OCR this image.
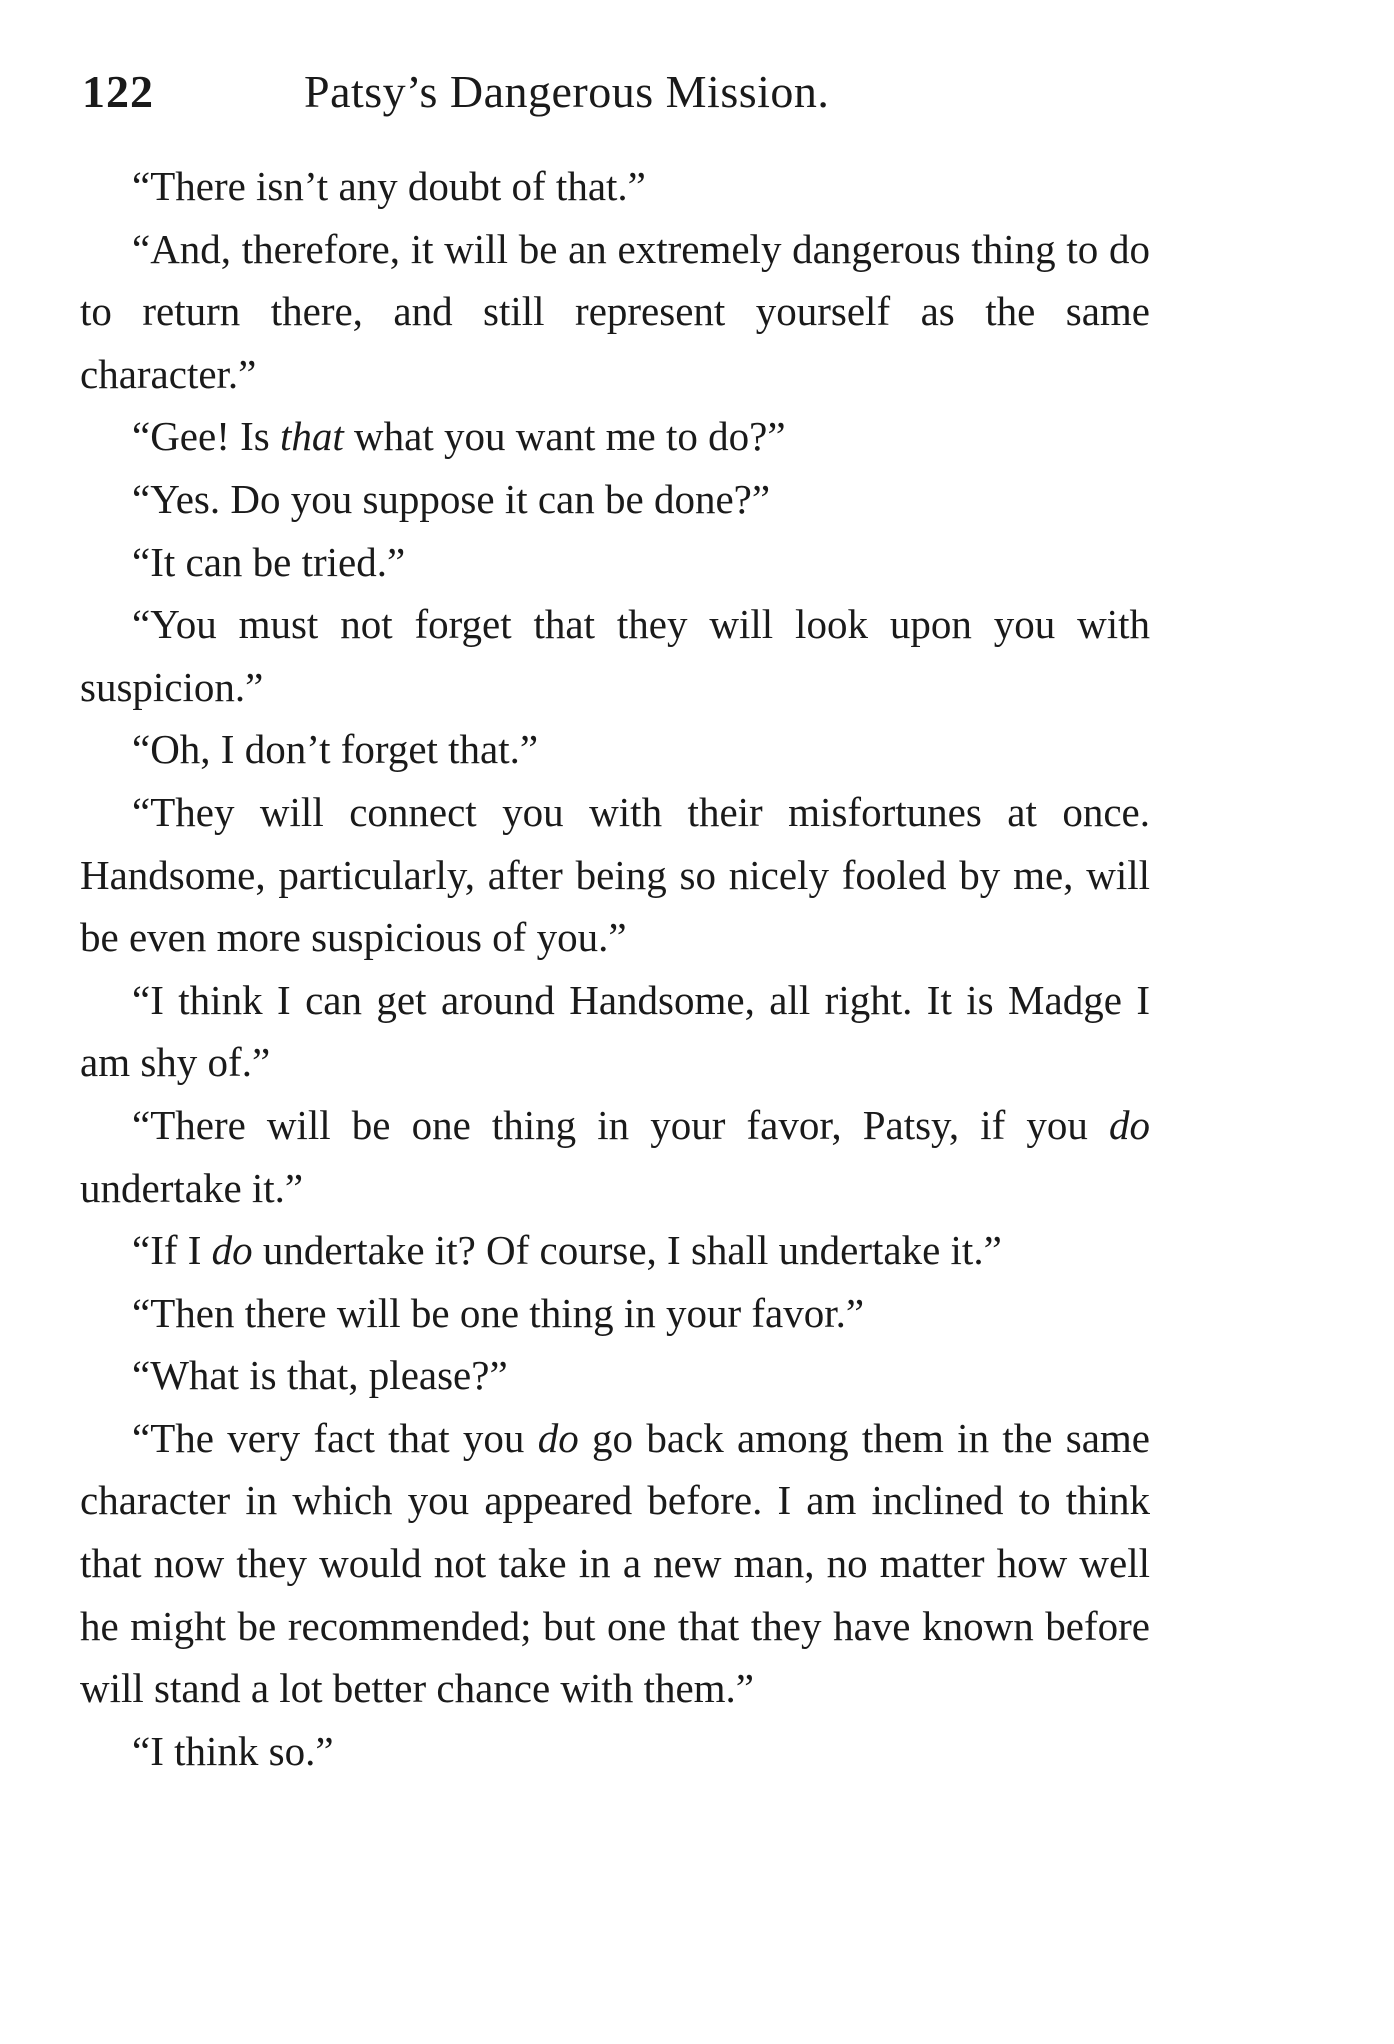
122	Patsy’s Dangerous Mission.

“There isn’t any doubt of that.”

“And, therefore, it will be an extremely dangerous thing to do to return there, and still represent yourself as the same character.”

“Gee! Is that what you want me to do?”

“Yes. Do you suppose it can be done?”

“It can be tried.”

“You must not forget that they will look upon you with suspicion.”

“Oh, I don’t forget that.”

“They will connect you with their misfortunes at once. Handsome, particularly, after being so nicely fooled by me, will be even more suspicious of you.”

“I think I can get around Handsome, all right. It is Madge I am shy of.”

“There will be one thing in your favor, Patsy, if you do undertake it.”

“If I do undertake it? Of course, I shall undertake it.”

“Then there will be one thing in your favor.”

“What is that, please?”

“The very fact that you do go back among them in the same character in which you appeared before. I am inclined to think that now they would not take in a new man, no matter how well he might be recommended; but one that they have known before will stand a lot better chance with them.”

“I think so.”
